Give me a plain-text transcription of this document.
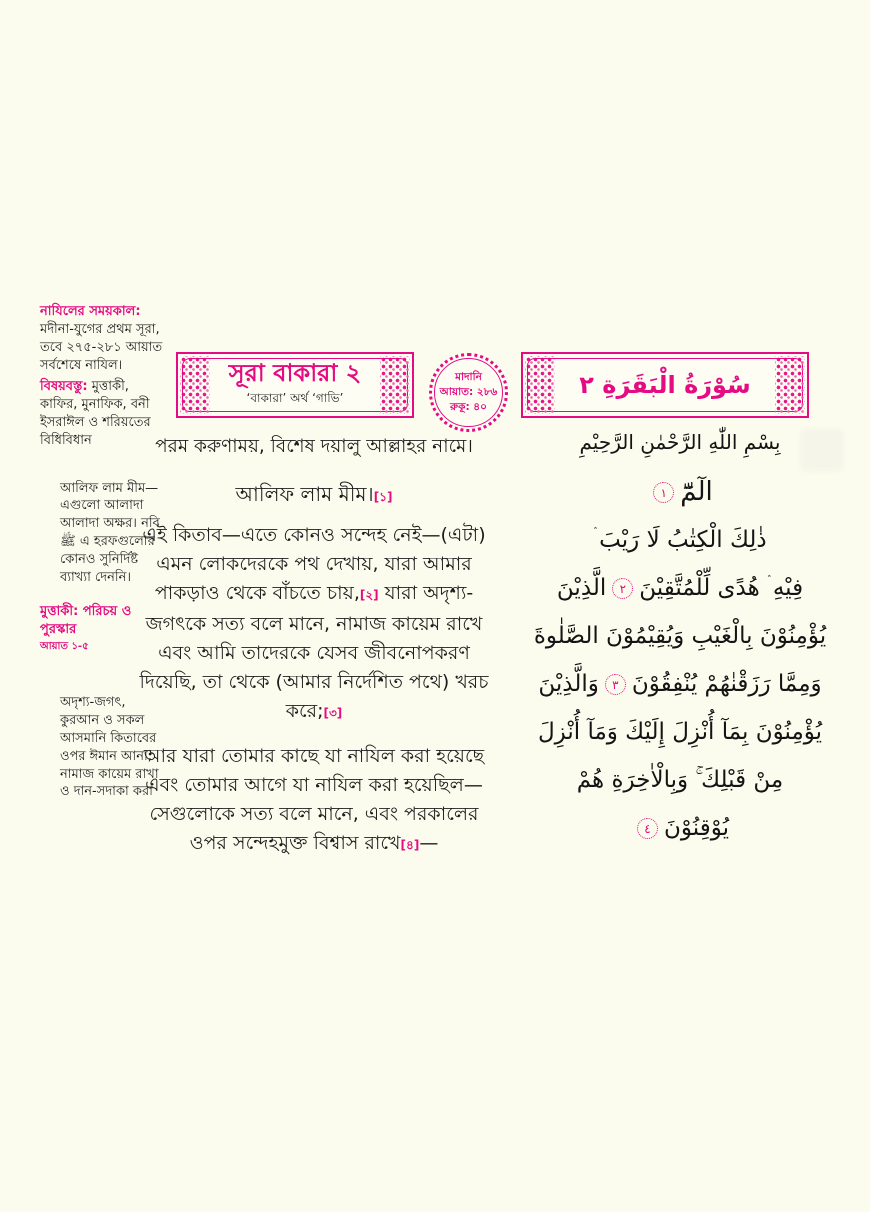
নাযিলের সময়কাল:
মদীনা-যুগের প্রথম সূরা, তবে ২৭৫-২৮১ আয়াত সর্বশেষে নাযিল।
বিষয়বস্তু: মুত্তাকী, কাফির, মুনাফিক, বনী ইসরাঈল ও শরিয়তের বিধিবিধান
আলিফ লাম মীম—এগুলো আলাদা আলাদা অক্ষর। নবি ﷺ এ হরফগুলোর কোনও সুনির্দিষ্ট ব্যাখ্যা দেননি।
মুত্তাকী: পরিচয় ও পুরস্কার
আয়াত ১-৫
অদৃশ্য-জগৎ, কুরআন ও সকল আসমানি কিতাবের ওপর ঈমান আনা, নামাজ কায়েম রাখা ও দান-সদাকা করা
সূরা বাকারা ২
‘বাকারা’ অর্থ ‘গাভি’
মাদানি
আয়াত: ২৮৬
রুকূ: ৪০
سُوْرَةُ الْبَقَرَةِ ٢

পরম করুণাময়, বিশেষ দয়ালু আল্লাহর নামে।

আলিফ লাম মীম।[১]

এই কিতাব—এতে কোনও সন্দেহ নেই—(এটা) এমন লোকদেরকে পথ দেখায়, যারা আমার পাকড়াও থেকে বাঁচতে চায়,[২] যারা অদৃশ্য-জগৎকে সত্য বলে মানে, নামাজ কায়েম রাখে এবং আমি তাদেরকে যেসব জীবনোপকরণ দিয়েছি, তা থেকে (আমার নির্দেশিত পথে) খরচ করে;[৩]

আর যারা তোমার কাছে যা নাযিল করা হয়েছে এবং তোমার আগে যা নাযিল করা হয়েছিল—সেগুলোকে সত্য বলে মানে, এবং পরকালের ওপর সন্দেহমুক্ত বিশ্বাস রাখে[৪]—

بِسْمِ اللّٰهِ الرَّحْمٰنِ الرَّحِيْمِ

الٓمّٓ١
ذٰلِكَ الْكِتٰبُ لَا رَيْبَ ۛ
فِيْهِ ۛ هُدًى لِّلْمُتَّقِيْنَ٢الَّذِيْنَ
يُؤْمِنُوْنَ بِالْغَيْبِ وَيُقِيْمُوْنَ الصَّلٰوةَ
وَمِمَّا رَزَقْنٰهُمْ يُنْفِقُوْنَ٣وَالَّذِيْنَ
يُؤْمِنُوْنَ بِمَآ أُنْزِلَ إِلَيْكَ وَمَآ أُنْزِلَ
مِنْ قَبْلِكَ ۚ وَبِالْاٰخِرَةِ هُمْ
يُوْقِنُوْنَ٤
